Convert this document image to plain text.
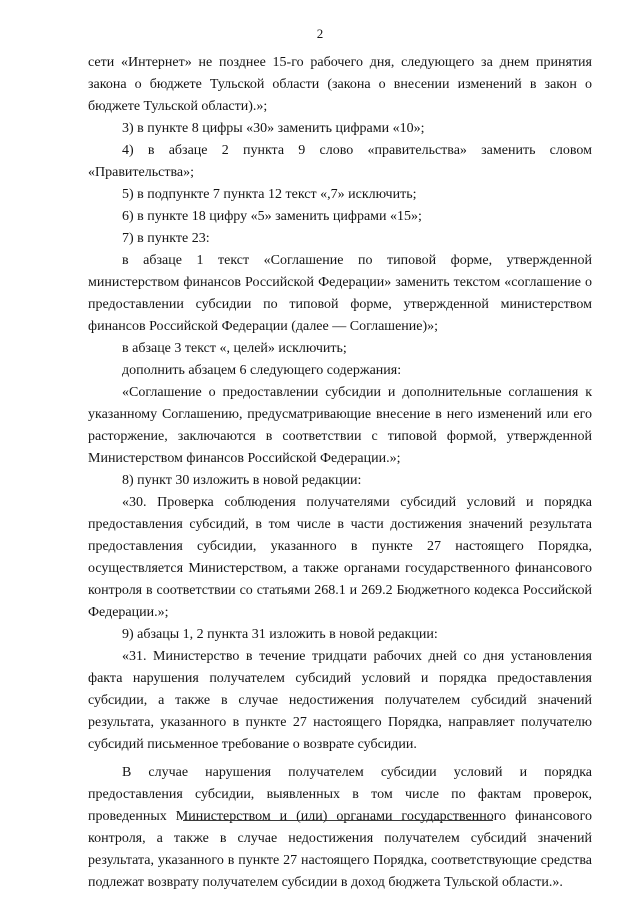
2

сети «Интернет» не позднее 15-го рабочего дня, следующего за днем принятия закона о бюджете Тульской области (закона о внесении изменений в закон о бюджете Тульской области).»;

3) в пункте 8 цифры «30» заменить цифрами «10»;

4) в абзаце 2 пункта 9 слово «правительства» заменить словом «Правительства»;

5) в подпункте 7 пункта 12 текст «,7» исключить;

6) в пункте 18 цифру «5» заменить цифрами «15»;

7) в пункте 23:

в абзаце 1 текст «Соглашение по типовой форме, утвержденной министерством финансов Российской Федерации» заменить текстом «соглашение о предоставлении субсидии по типовой форме, утвержденной министерством финансов Российской Федерации (далее — Соглашение)»;

в абзаце 3 текст «, целей» исключить;

дополнить абзацем 6 следующего содержания:

«Соглашение о предоставлении субсидии и дополнительные соглашения к указанному Соглашению, предусматривающие внесение в него изменений или его расторжение, заключаются в соответствии с типовой формой, утвержденной Министерством финансов Российской Федерации.»;

8) пункт 30 изложить в новой редакции:

«30. Проверка соблюдения получателями субсидий условий и порядка предоставления субсидий, в том числе в части достижения значений результата предоставления субсидии, указанного в пункте 27 настоящего Порядка, осуществляется Министерством, а также органами государственного финансового контроля в соответствии со статьями 268.1 и 269.2 Бюджетного кодекса Российской Федерации.»;

9) абзацы 1, 2 пункта 31 изложить в новой редакции:

«31. Министерство в течение тридцати рабочих дней со дня установления факта нарушения получателем субсидий условий и порядка предоставления субсидии, а также в случае недостижения получателем субсидий значений результата, указанного в пункте 27 настоящего Порядка, направляет получателю субсидий письменное требование о возврате субсидии.

В случае нарушения получателем субсидии условий и порядка предоставления субсидии, выявленных в том числе по фактам проверок, проведенных Министерством и (или) органами государственного финансового контроля, а также в случае недостижения получателем субсидий значений результата, указанного в пункте 27 настоящего Порядка, соответствующие средства подлежат возврату получателем субсидии в доход бюджета Тульской области.».
